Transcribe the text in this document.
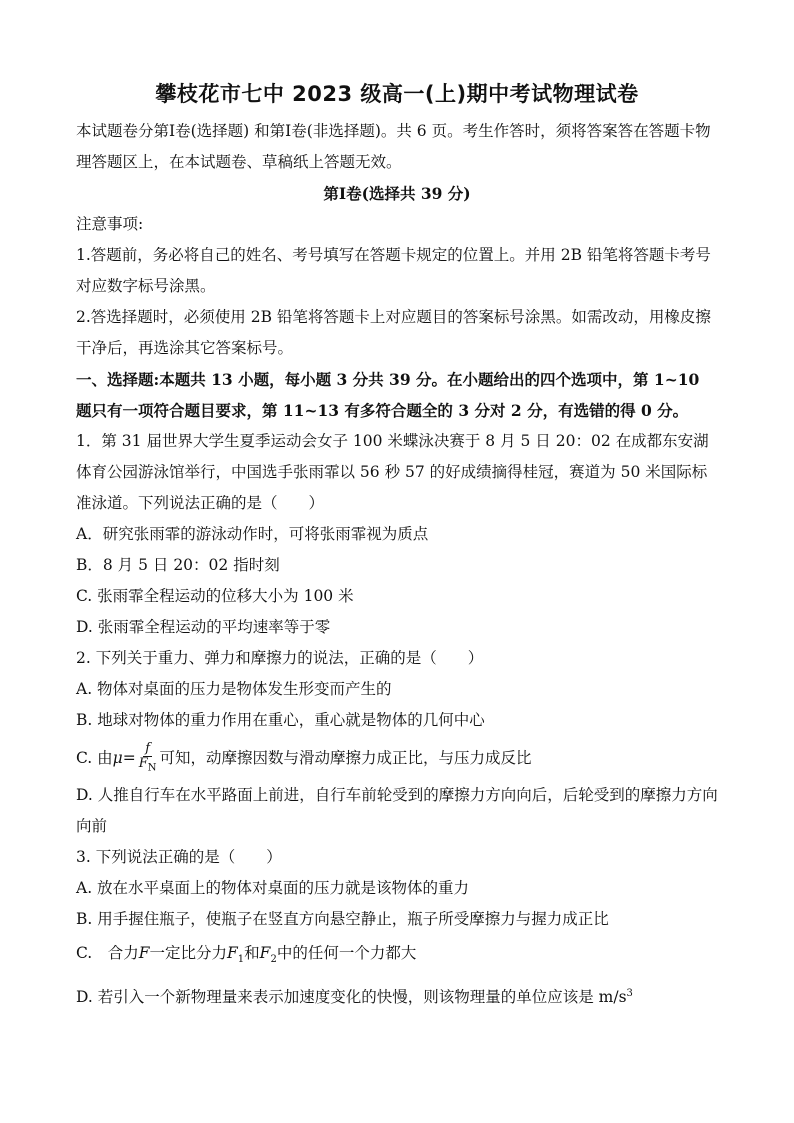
攀枝花市七中 2023 级高一(上)期中考试物理试卷

本试题卷分第Ⅰ卷(选择题) 和第Ⅰ卷(非选择题)。共 6 页。考生作答时，须将答案答在答题卡物理答题区上，在本试题卷、草稿纸上答题无效。

第Ⅰ卷(选择共 39 分)

注意事项:

1.答题前，务必将自己的姓名、考号填写在答题卡规定的位置上。并用 2B 铅笔将答题卡考号对应数字标号涂黑。

2.答选择题时，必须使用 2B 铅笔将答题卡上对应题目的答案标号涂黑。如需改动，用橡皮擦干净后，再选涂其它答案标号。

一、选择题:本题共 13 小题，每小题 3 分共 39 分。在小题给出的四个选项中，第 1~10 题只有一项符合题目要求，第 11~13 有多符合题全的 3 分对 2 分，有选错的得 0 分。

1．第 31 届世界大学生夏季运动会女子 100 米蝶泳决赛于 8 月 5 日 20：02 在成都东安湖体育公园游泳馆举行，中国选手张雨霏以 56 秒 57 的好成绩摘得桂冠，赛道为 50 米国际标准泳道。下列说法正确的是（　　）

A．研究张雨霏的游泳动作时，可将张雨霏视为质点

B．8 月 5 日 20：02 指时刻

C. 张雨霏全程运动的位移大小为 100 米

D. 张雨霏全程运动的平均速率等于零

2. 下列关于重力、弹力和摩擦力的说法，正确的是（　　）

A. 物体对桌面的压力是物体发生形变而产生的

B. 地球对物体的重力作用在重心，重心就是物体的几何中心

C. 由$\mu= \frac{f}{F_N}$ 可知，动摩擦因数与滑动摩擦力成正比，与压力成反比

D. 人推自行车在水平路面上前进，自行车前轮受到的摩擦力方向向后，后轮受到的摩擦力方向向前

3. 下列说法正确的是（　　）

A. 放在水平桌面上的物体对桌面的压力就是该物体的重力

B. 用手握住瓶子，使瓶子在竖直方向悬空静止，瓶子所受摩擦力与握力成正比

C.　合力F一定比分力$F_1$和$F_2$中的任何一个力都大

D. 若引入一个新物理量来表示加速度变化的快慢，则该物理量的单位应该是 $m/s^3$
